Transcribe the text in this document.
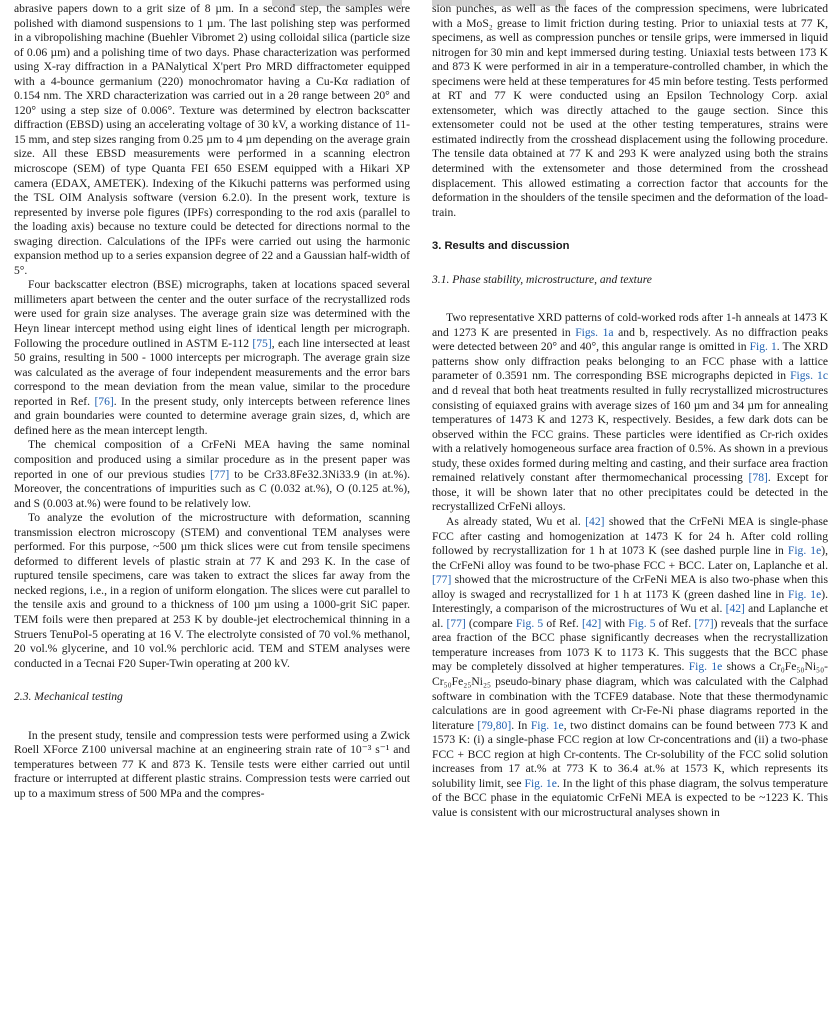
abrasive papers down to a grit size of 8 µm. In a second step, the samples were polished with diamond suspensions to 1 µm. The last polishing step was performed in a vibropolishing machine (Buehler Vibromet 2) using colloidal silica (particle size of 0.06 µm) and a polishing time of two days. Phase characterization was performed using X-ray diffraction in a PANalytical X'pert Pro MRD diffractometer equipped with a 4-bounce germanium (220) monochromator having a Cu-Kα radiation of 0.154 nm. The XRD characterization was carried out in a 2θ range between 20° and 120° using a step size of 0.006°. Texture was determined by electron backscatter diffraction (EBSD) using an accelerating voltage of 30 kV, a working distance of 11-15 mm, and step sizes ranging from 0.25 µm to 4 µm depending on the average grain size. All these EBSD measurements were performed in a scanning electron microscope (SEM) of type Quanta FEI 650 ESEM equipped with a Hikari XP camera (EDAX, AMETEK). Indexing of the Kikuchi patterns was performed using the TSL OIM Analysis software (version 6.2.0). In the present work, texture is represented by inverse pole figures (IPFs) corresponding to the rod axis (parallel to the loading axis) because no texture could be detected for directions normal to the swaging direction. Calculations of the IPFs were carried out using the harmonic expansion method up to a series expansion degree of 22 and a Gaussian half-width of 5°.

Four backscatter electron (BSE) micrographs, taken at locations spaced several millimeters apart between the center and the outer surface of the recrystallized rods were used for grain size analyses. The average grain size was determined with the Heyn linear intercept method using eight lines of identical length per micrograph. Following the procedure outlined in ASTM E-112 [75], each line intersected at least 50 grains, resulting in 500 - 1000 intercepts per micrograph. The average grain size was calculated as the average of four independent measurements and the error bars correspond to the mean deviation from the mean value, similar to the procedure reported in Ref. [76]. In the present study, only intercepts between reference lines and grain boundaries were counted to determine average grain sizes, d, which are defined here as the mean intercept length.

The chemical composition of a CrFeNi MEA having the same nominal composition and produced using a similar procedure as in the present paper was reported in one of our previous studies [77] to be Cr33.8Fe32.3Ni33.9 (in at.%). Moreover, the concentrations of impurities such as C (0.032 at.%), O (0.125 at.%), and S (0.003 at.%) were found to be relatively low.

To analyze the evolution of the microstructure with deformation, scanning transmission electron microscopy (STEM) and conventional TEM analyses were performed. For this purpose, ~500 µm thick slices were cut from tensile specimens deformed to different levels of plastic strain at 77 K and 293 K. In the case of ruptured tensile specimens, care was taken to extract the slices far away from the necked regions, i.e., in a region of uniform elongation. The slices were cut parallel to the tensile axis and ground to a thickness of 100 µm using a 1000-grit SiC paper. TEM foils were then prepared at 253 K by double-jet electrochemical thinning in a Struers TenuPol-5 operating at 16 V. The electrolyte consisted of 70 vol.% methanol, 20 vol.% glycerine, and 10 vol.% perchloric acid. TEM and STEM analyses were conducted in a Tecnai F20 Super-Twin operating at 200 kV.

2.3. Mechanical testing

In the present study, tensile and compression tests were performed using a Zwick Roell XForce Z100 universal machine at an engineering strain rate of 10⁻³ s⁻¹ and temperatures between 77 K and 873 K. Tensile tests were either carried out until fracture or interrupted at different plastic strains. Compression tests were carried out up to a maximum stress of 500 MPa and the compres-

sion punches, as well as the faces of the compression specimens, were lubricated with a MoS₂ grease to limit friction during testing. Prior to uniaxial tests at 77 K, specimens, as well as compression punches or tensile grips, were immersed in liquid nitrogen for 30 min and kept immersed during testing. Uniaxial tests between 173 K and 873 K were performed in air in a temperature-controlled chamber, in which the specimens were held at these temperatures for 45 min before testing. Tests performed at RT and 77 K were conducted using an Epsilon Technology Corp. axial extensometer, which was directly attached to the gauge section. Since this extensometer could not be used at the other testing temperatures, strains were estimated indirectly from the crosshead displacement using the following procedure. The tensile data obtained at 77 K and 293 K were analyzed using both the strains determined with the extensometer and those determined from the crosshead displacement. This allowed estimating a correction factor that accounts for the deformation in the shoulders of the tensile specimen and the deformation of the load-train.

3. Results and discussion

3.1. Phase stability, microstructure, and texture

Two representative XRD patterns of cold-worked rods after 1-h anneals at 1473 K and 1273 K are presented in Figs. 1a and b, respectively. As no diffraction peaks were detected between 20° and 40°, this angular range is omitted in Fig. 1. The XRD patterns show only diffraction peaks belonging to an FCC phase with a lattice parameter of 0.3591 nm. The corresponding BSE micrographs depicted in Figs. 1c and d reveal that both heat treatments resulted in fully recrystallized microstructures consisting of equiaxed grains with average sizes of 160 µm and 34 µm for annealing temperatures of 1473 K and 1273 K, respectively. Besides, a few dark dots can be observed within the FCC grains. These particles were identified as Cr-rich oxides with a relatively homogeneous surface area fraction of 0.5%. As shown in a previous study, these oxides formed during melting and casting, and their surface area fraction remained relatively constant after thermomechanical processing [78]. Except for those, it will be shown later that no other precipitates could be detected in the recrystallized CrFeNi alloys.

As already stated, Wu et al. [42] showed that the CrFeNi MEA is single-phase FCC after casting and homogenization at 1473 K for 24 h. After cold rolling followed by recrystallization for 1 h at 1073 K (see dashed purple line in Fig. 1e), the CrFeNi alloy was found to be two-phase FCC + BCC. Later on, Laplanche et al. [77] showed that the microstructure of the CrFeNi MEA is also two-phase when this alloy is swaged and recrystallized for 1 h at 1173 K (green dashed line in Fig. 1e). Interestingly, a comparison of the microstructures of Wu et al. [42] and Laplanche et al. [77] (compare Fig. 5 of Ref. [42] with Fig. 5 of Ref. [77]) reveals that the surface area fraction of the BCC phase significantly decreases when the recrystallization temperature increases from 1073 K to 1173 K. This suggests that the BCC phase may be completely dissolved at higher temperatures. Fig. 1e shows a Cr₀Fe₅₀Ni₅₀-Cr₅₀Fe₂₅Ni₂₅ pseudo-binary phase diagram, which was calculated with the Calphad software in combination with the TCFE9 database. Note that these thermodynamic calculations are in good agreement with Cr-Fe-Ni phase diagrams reported in the literature [79,80]. In Fig. 1e, two distinct domains can be found between 773 K and 1573 K: (i) a single-phase FCC region at low Cr-concentrations and (ii) a two-phase FCC + BCC region at high Cr-contents. The Cr-solubility of the FCC solid solution increases from 17 at.% at 773 K to 36.4 at.% at 1573 K, which represents its solubility limit, see Fig. 1e. In the light of this phase diagram, the solvus temperature of the BCC phase in the equiatomic CrFeNi MEA is expected to be ~1223 K. This value is consistent with our microstructural analyses shown in
